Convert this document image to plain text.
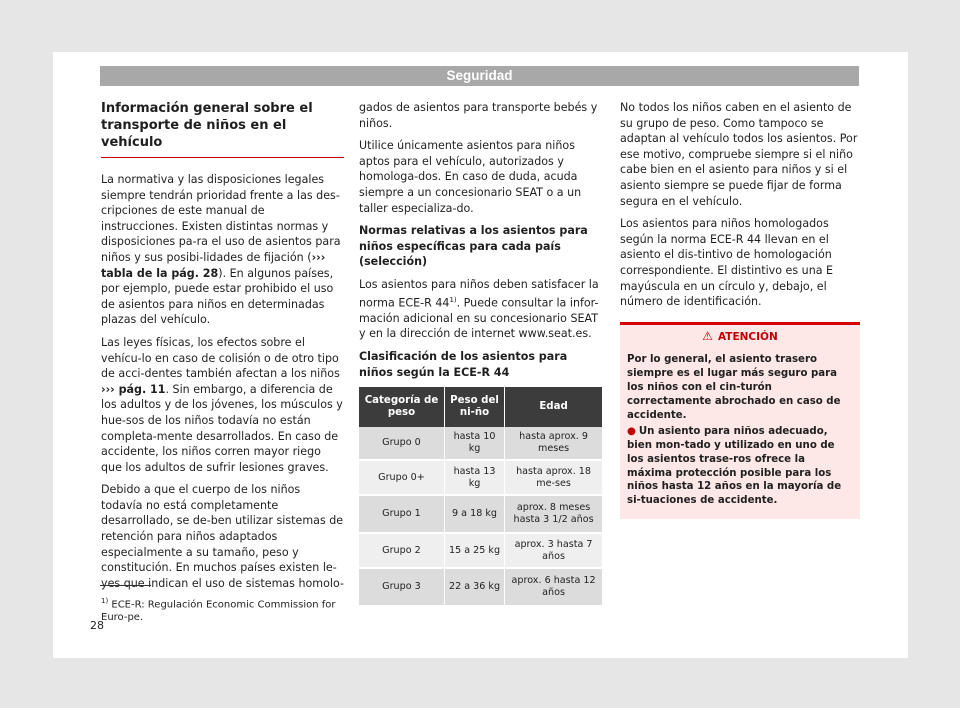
Seguridad
Información general sobre el transporte de niños en el vehículo

La normativa y las disposiciones legales siempre tendrán prioridad frente a las des-cripciones de este manual de instrucciones. Existen distintas normas y disposiciones pa-ra el uso de asientos para niños y sus posibi-lidades de fijación (››› tabla de la pág. 28). En algunos países, por ejemplo, puede estar prohibido el uso de asientos para niños en determinadas plazas del vehículo.

Las leyes físicas, los efectos sobre el vehícu-lo en caso de colisión o de otro tipo de acci-dentes también afectan a los niños ››› pág. 11. Sin embargo, a diferencia de los adultos y de los jóvenes, los músculos y hue-sos de los niños todavía no están completa-mente desarrollados. En caso de accidente, los niños corren mayor riego que los adultos de sufrir lesiones graves.

Debido a que el cuerpo de los niños todavía no está completamente desarrollado, se de-ben utilizar sistemas de retención para niños adaptados especialmente a su tamaño, peso y constitución. En muchos países existen le-yes que indican el uso de sistemas homolo-

gados de asientos para transporte bebés y niños.

Utilice únicamente asientos para niños aptos para el vehículo, autorizados y homologa-dos. En caso de duda, acuda siempre a un concesionario SEAT o a un taller especializa-do.

Normas relativas a los asientos para niños específicas para cada país (selección)

Los asientos para niños deben satisfacer la norma ECE-R 44$^{1)}$. Puede consultar la infor-mación adicional en su concesionario SEAT y en la dirección de internet www.seat.es.

Clasificación de los asientos para niños según la ECE-R 44
Categoría de peso	Peso del ni-ño	Edad
Grupo 0	hasta 10 kg	hasta aprox. 9 meses
Grupo 0+	hasta 13 kg	hasta aprox. 18 me-ses
Grupo 1	9 a 18 kg	aprox. 8 meses hasta 3 1/2 años
Grupo 2	15 a 25 kg	aprox. 3 hasta 7 años
Grupo 3	22 a 36 kg	aprox. 6 hasta 12 años

No todos los niños caben en el asiento de su grupo de peso. Como tampoco se adaptan al vehículo todos los asientos. Por ese motivo, compruebe siempre si el niño cabe bien en el asiento para niños y si el asiento siempre se puede fijar de forma segura en el vehículo.

Los asientos para niños homologados según la norma ECE-R 44 llevan en el asiento el dis-tintivo de homologación correspondiente. El distintivo es una E mayúscula en un círculo y, debajo, el número de identificación.

⚠ ATENCIÓN
Por lo general, el asiento trasero siempre es el lugar más seguro para los niños con el cin-turón correctamente abrochado en caso de accidente.
● Un asiento para niños adecuado, bien mon-tado y utilizado en uno de los asientos trase-ros ofrece la máxima protección posible para los niños hasta 12 años en la mayoría de si-tuaciones de accidente.
$^{1)}$ ECE-R: Regulación Economic Commission for Euro-pe.
28
